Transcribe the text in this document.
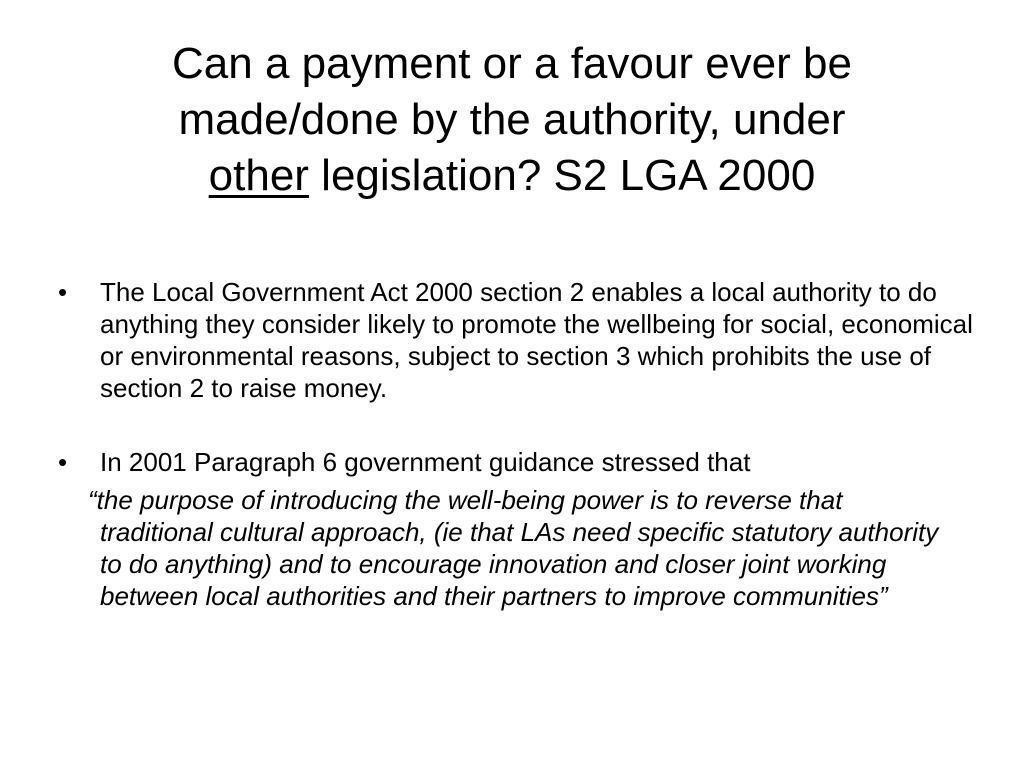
Can a payment or a favour ever be
made/done by the authority, under
other legislation? S2 LGA 2000

•	The Local Government Act 2000 section 2 enables a local authority to do anything they consider likely to promote the wellbeing for social, economical or environmental reasons, subject to section 3 which prohibits the use of section 2 to raise money.

•	In 2001 Paragraph 6 government guidance stressed that

“the purpose of introducing the well-being power is to reverse that traditional cultural approach, (ie that LAs need specific statutory authority to do anything) and to encourage innovation and closer joint working between local authorities and their partners to improve communities”
